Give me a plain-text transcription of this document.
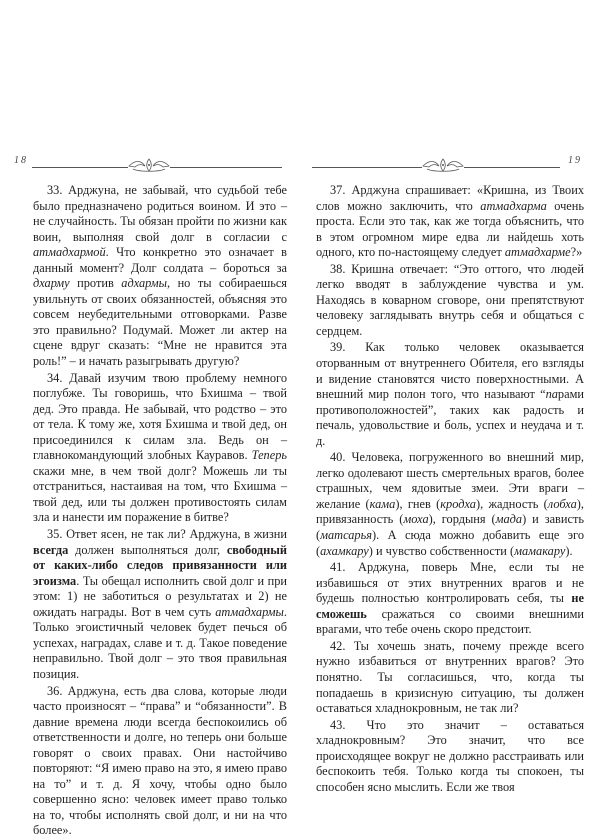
18

33. Арджуна, не забывай, что судьбой тебе было предназначено родиться воином. И это – не случайность. Ты обязан пройти по жизни как воин, выполняя свой долг в согласии с атмадхармой. Что конкретно это означает в данный момент? Долг солдата – бороться за дхарму против адхармы, но ты собираешься увильнуть от своих обязанностей, объясняя это совсем неубедительными отговорками. Разве это правильно? Подумай. Может ли актер на сцене вдруг сказать: “Мне не нравится эта роль!” – и начать разыгрывать другую?

34. Давай изучим твою проблему немного поглубже. Ты говоришь, что Бхишма – твой дед. Это правда. Не забывай, что родство – это от тела. К тому же, хотя Бхишма и твой дед, он присоединился к силам зла. Ведь он – главнокомандующий злобных Кауравов. Теперь скажи мне, в чем твой долг? Можешь ли ты отстраниться, настаивая на том, что Бхишма – твой дед, или ты должен противостоять силам зла и нанести им поражение в битве?

35. Ответ ясен, не так ли? Арджуна, в жизни всегда должен выполняться долг, свободный от каких-либо следов привязанности или эгоизма. Ты обещал исполнить свой долг и при этом: 1) не заботиться о результатах и 2) не ожидать награды. Вот в чем суть атмадхармы. Только эгоистичный человек будет печься об успехах, наградах, славе и т. д. Такое поведение неправильно. Твой долг – это твоя правильная позиция.

36. Арджуна, есть два слова, которые люди часто произносят – “права” и “обязанности”. В давние времена люди всегда беспокоились об ответственности и долге, но теперь они больше говорят о своих правах. Они настойчиво повторяют: “Я имею право на это, я имею право на то” и т. д. Я хочу, чтобы одно было совершенно ясно: человек имеет право только на то, чтобы исполнять свой долг, и ни на что более».

19

37. Арджуна спрашивает: «Кришна, из Твоих слов можно заключить, что атмадхарма очень проста. Если это так, как же тогда объяснить, что в этом огромном мире едва ли найдешь хоть одного, кто по-настоящему следует атмадхарме?»

38. Кришна отвечает: “Это оттого, что людей легко вводят в заблуждение чувства и ум. Находясь в коварном сговоре, они препятствуют человеку заглядывать внутрь себя и общаться с сердцем.

39. Как только человек оказывается оторванным от внутреннего Обителя, его взгляды и видение становятся чисто поверхностными. А внешний мир полон того, что называют “парами противоположностей”, таких как радость и печаль, удовольствие и боль, успех и неудача и т. д.

40. Человека, погруженного во внешний мир, легко одолевают шесть смертельных врагов, более страшных, чем ядовитые змеи. Эти враги – желание (кама), гнев (кродха), жадность (лобха), привязанность (моха), гордыня (мада) и зависть (матсарья). А сюда можно добавить еще эго (ахамкару) и чувство собственности (мамакару).

41. Арджуна, поверь Мне, если ты не избавишься от этих внутренних врагов и не будешь полностью контролировать себя, ты не сможешь сражаться со своими внешними врагами, что тебе очень скоро предстоит.

42. Ты хочешь знать, почему прежде всего нужно избавиться от внутренних врагов? Это понятно. Ты согласишься, что, когда ты попадаешь в кризисную ситуацию, ты должен оставаться хладнокровным, не так ли?

43. Что это значит – оставаться хладнокровным? Это значит, что все происходящее вокруг не должно расстраивать или беспокоить тебя. Только когда ты спокоен, ты способен ясно мыслить. Если же твоя
